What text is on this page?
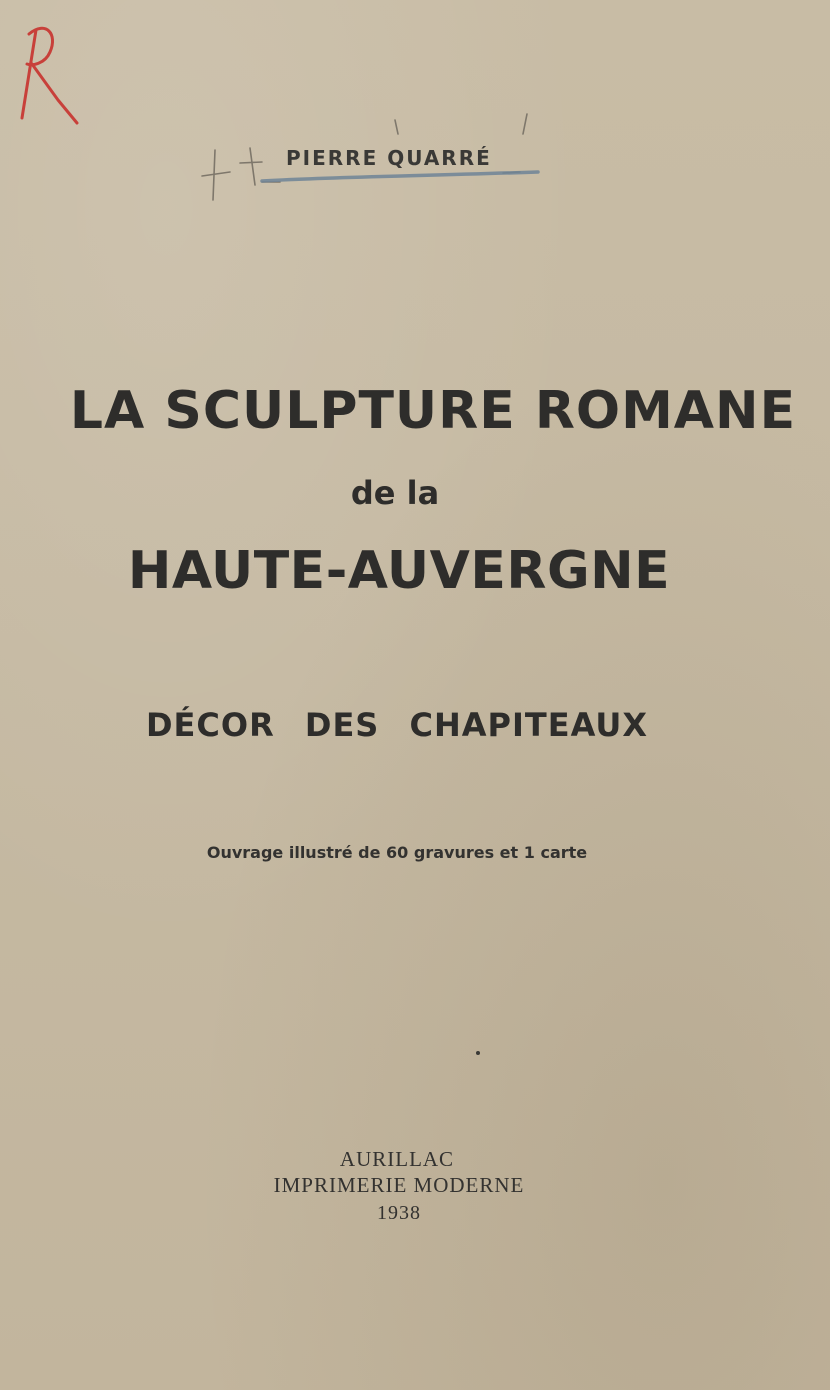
PIERRE QUARRÉ
LA SCULPTURE ROMANE
de la
HAUTE-AUVERGNE
DÉCOR DES CHAPITEAUX
Ouvrage illustré de 60 gravures et 1 carte
AURILLAC
IMPRIMERIE MODERNE
1938
